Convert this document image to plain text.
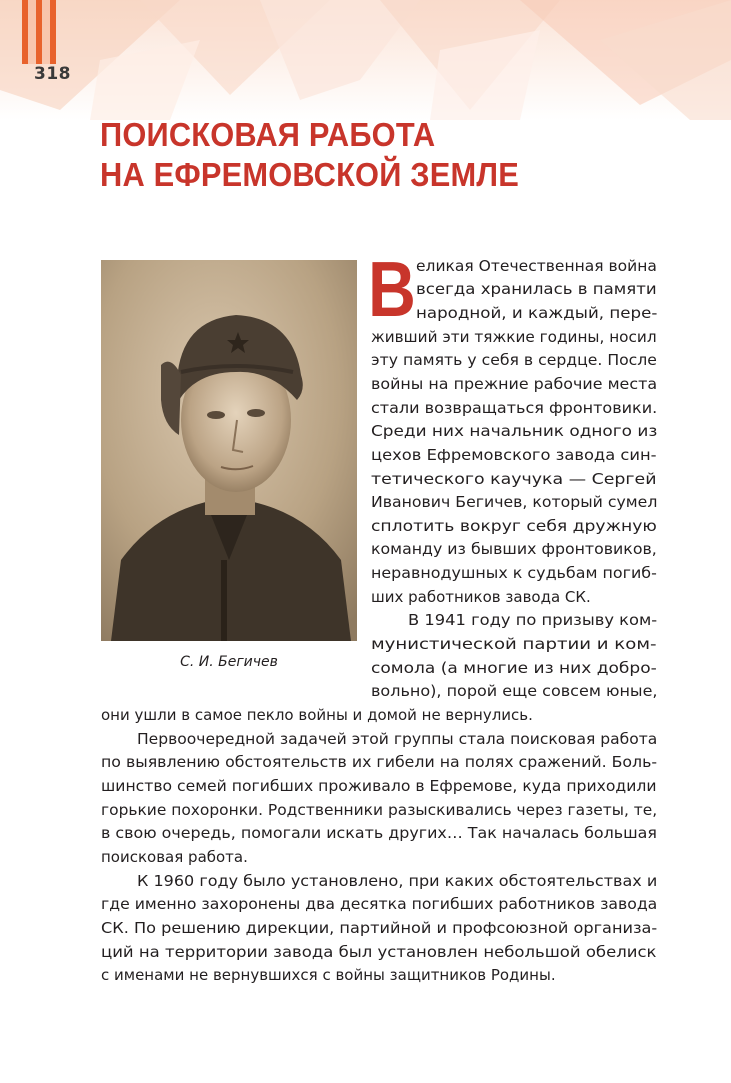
318
ПОИСКОВАЯ РАБОТА
НА ЕФРЕМОВСКОЙ ЗЕМЛЕ
С. И. Бегичев
В еликая Отечественная война
всегда хранилась в памяти
народной, и каждый, пере-
живший эти тяжкие годины, носил
эту память у себя в сердце. После
войны на прежние рабочие места
стали возвращаться фронтовики.
Среди них начальник одного из
цехов Ефремовского завода син-
тетического каучука — Сергей
Иванович Бегичев, который сумел
сплотить вокруг себя дружную
команду из бывших фронтовиков,
неравнодушных к судьбам погиб-
ших работников завода СК.
В 1941 году по призыву ком-
мунистической партии и ком-
сомола (а многие из них добро-
вольно), порой еще совсем юные,
они ушли в самое пекло войны и домой не вернулись.
Первоочередной задачей этой группы стала поисковая работа
по выявлению обстоятельств их гибели на полях сражений. Боль-
шинство семей погибших проживало в Ефремове, куда приходили
горькие похоронки. Родственники разыскивались через газеты, те,
в свою очередь, помогали искать других… Так началась большая
поисковая работа.
К 1960 году было установлено, при каких обстоятельствах и
где именно захоронены два десятка погибших работников завода
СК. По решению дирекции, партийной и профсоюзной организа-
ций на территории завода был установлен небольшой обелиск
с именами не вернувшихся с войны защитников Родины.
